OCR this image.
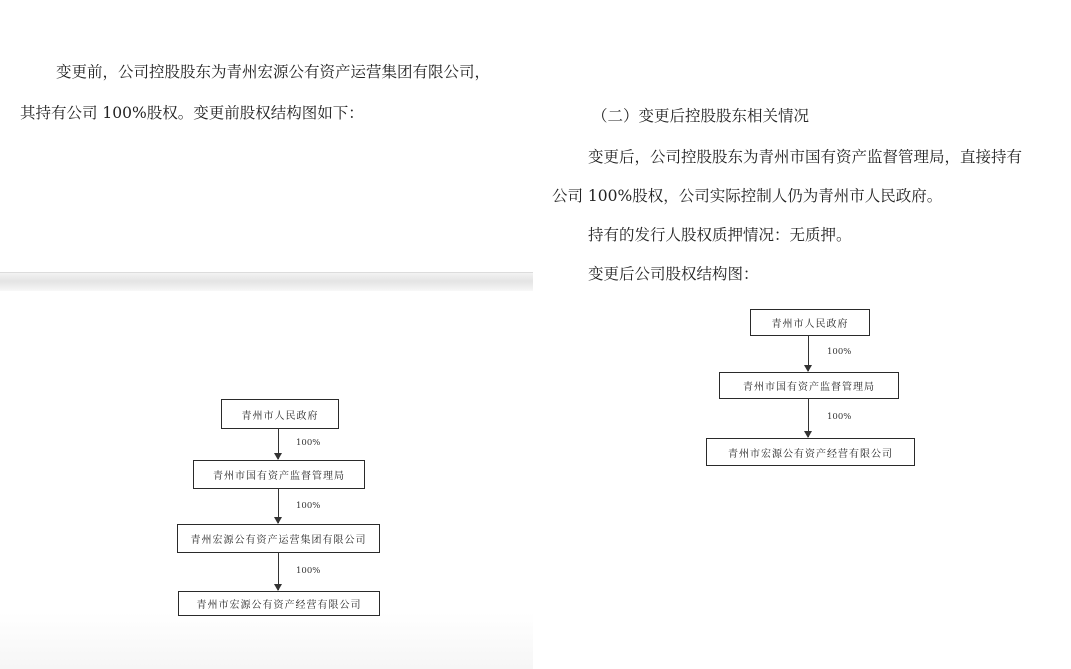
变更前，公司控股股东为青州宏源公有资产运营集团有限公司，
其持有公司 100%股权。变更前股权结构图如下：
青州市人民政府
100%
青州市国有资产监督管理局
100%
青州宏源公有资产运营集团有限公司
100%
青州市宏源公有资产经营有限公司
（二）变更后控股股东相关情况
变更后，公司控股股东为青州市国有资产监督管理局，直接持有
公司 100%股权，公司实际控制人仍为青州市人民政府。
持有的发行人股权质押情况：无质押。
变更后公司股权结构图：
青州市人民政府
100%
青州市国有资产监督管理局
100%
青州市宏源公有资产经营有限公司
